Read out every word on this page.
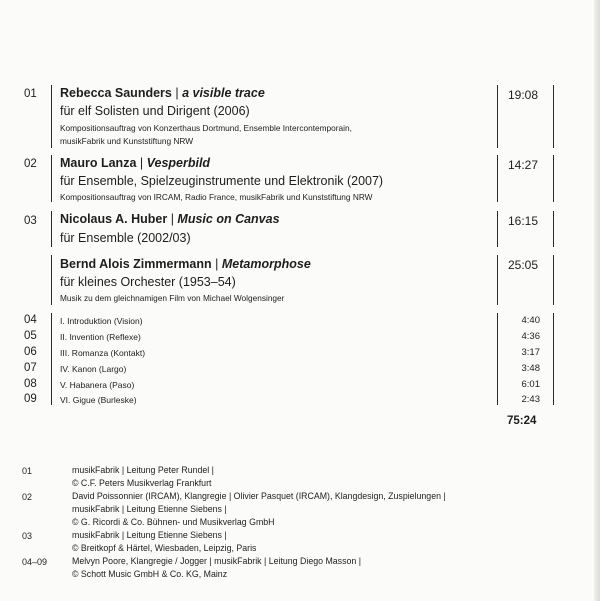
01 Rebecca Saunders | a visible trace
für elf Solisten und Dirigent (2006)
Kompositionsauftrag von Konzerthaus Dortmund, Ensemble Intercontemporain,
musikFabrik und Kunststiftung NRW
19:08
02 Mauro Lanza | Vesperbild
für Ensemble, Spielzeuginstrumente und Elektronik (2007)
Kompositionsauftrag von IRCAM, Radio France, musikFabrik und Kunststiftung NRW
14:27
03 Nicolaus A. Huber | Music on Canvas
für Ensemble (2002/03)
16:15
Bernd Alois Zimmermann | Metamorphose
für kleines Orchester (1953–54)
Musik zu dem gleichnamigen Film von Michael Wolgensinger
25:05
04	I. Introduktion (Vision)	4:40
05	II. Invention (Reflexe)	4:36
06	III. Romanza (Kontakt)	3:17
07	IV. Kanon (Largo)	3:48
08	V. Habanera (Paso)	6:01
09	VI. Gigue (Burleske)	2:43
75:24
01	musikFabrik | Leitung Peter Rundel |
© C.F. Peters Musikverlag Frankfurt
02	David Poissonnier (IRCAM), Klangregie | Olivier Pasquet (IRCAM), Klangdesign, Zuspielungen |
musikFabrik | Leitung Etienne Siebens |
© G. Ricordi & Co. Bühnen- und Musikverlag GmbH
03	musikFabrik | Leitung Etienne Siebens |
© Breitkopf & Härtel, Wiesbaden, Leipzig, Paris
04–09	Melvyn Poore, Klangregie / Jogger | musikFabrik | Leitung Diego Masson |
© Schott Music GmbH & Co. KG, Mainz
